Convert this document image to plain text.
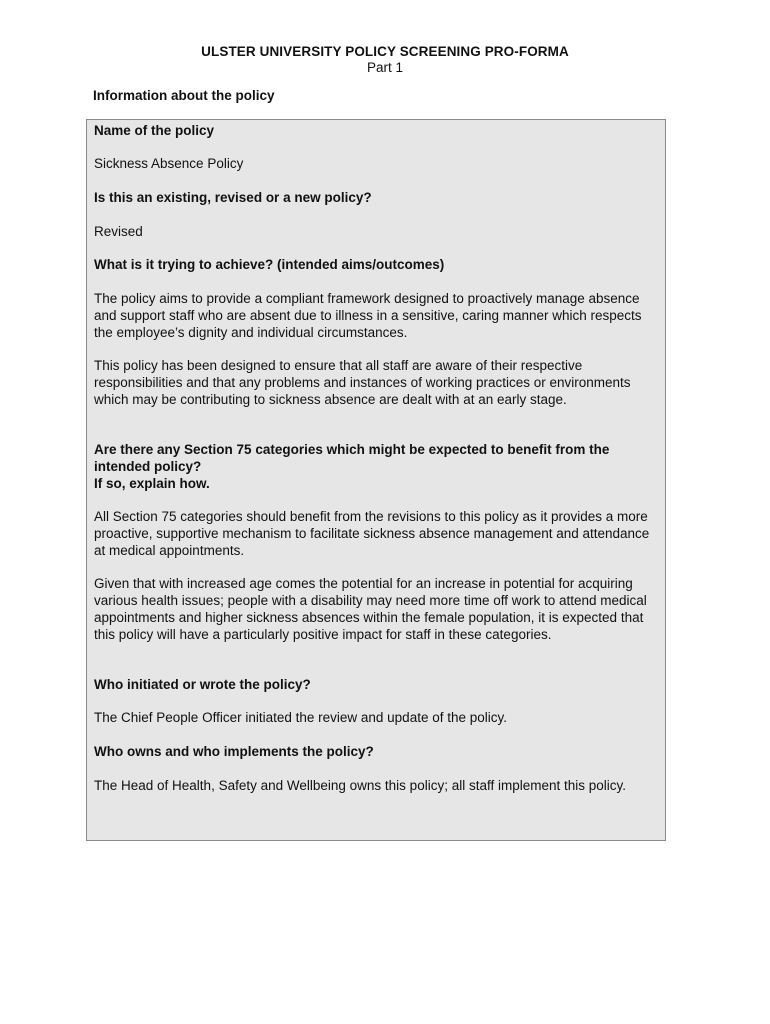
ULSTER UNIVERSITY POLICY SCREENING PRO-FORMA
Part 1
Information about the policy
Name of the policy
Sickness Absence Policy
Is this an existing, revised or a new policy?
Revised
What is it trying to achieve? (intended aims/outcomes)
The policy aims to provide a compliant framework designed to proactively manage absence and support staff who are absent due to illness in a sensitive, caring manner which respects the employee’s dignity and individual circumstances.
This policy has been designed to ensure that all staff are aware of their respective responsibilities and that any problems and instances of working practices or environments which may be contributing to sickness absence are dealt with at an early stage.
Are there any Section 75 categories which might be expected to benefit from the intended policy?
If so, explain how.
All Section 75 categories should benefit from the revisions to this policy as it provides a more proactive, supportive mechanism to facilitate sickness absence management and attendance at medical appointments.
Given that with increased age comes the potential for an increase in potential for acquiring various health issues; people with a disability may need more time off work to attend medical appointments and higher sickness absences within the female population, it is expected that this policy will have a particularly positive impact for staff in these categories.
Who initiated or wrote the policy?
The Chief People Officer initiated the review and update of the policy.
Who owns and who implements the policy?
The Head of Health, Safety and Wellbeing owns this policy; all staff implement this policy.
